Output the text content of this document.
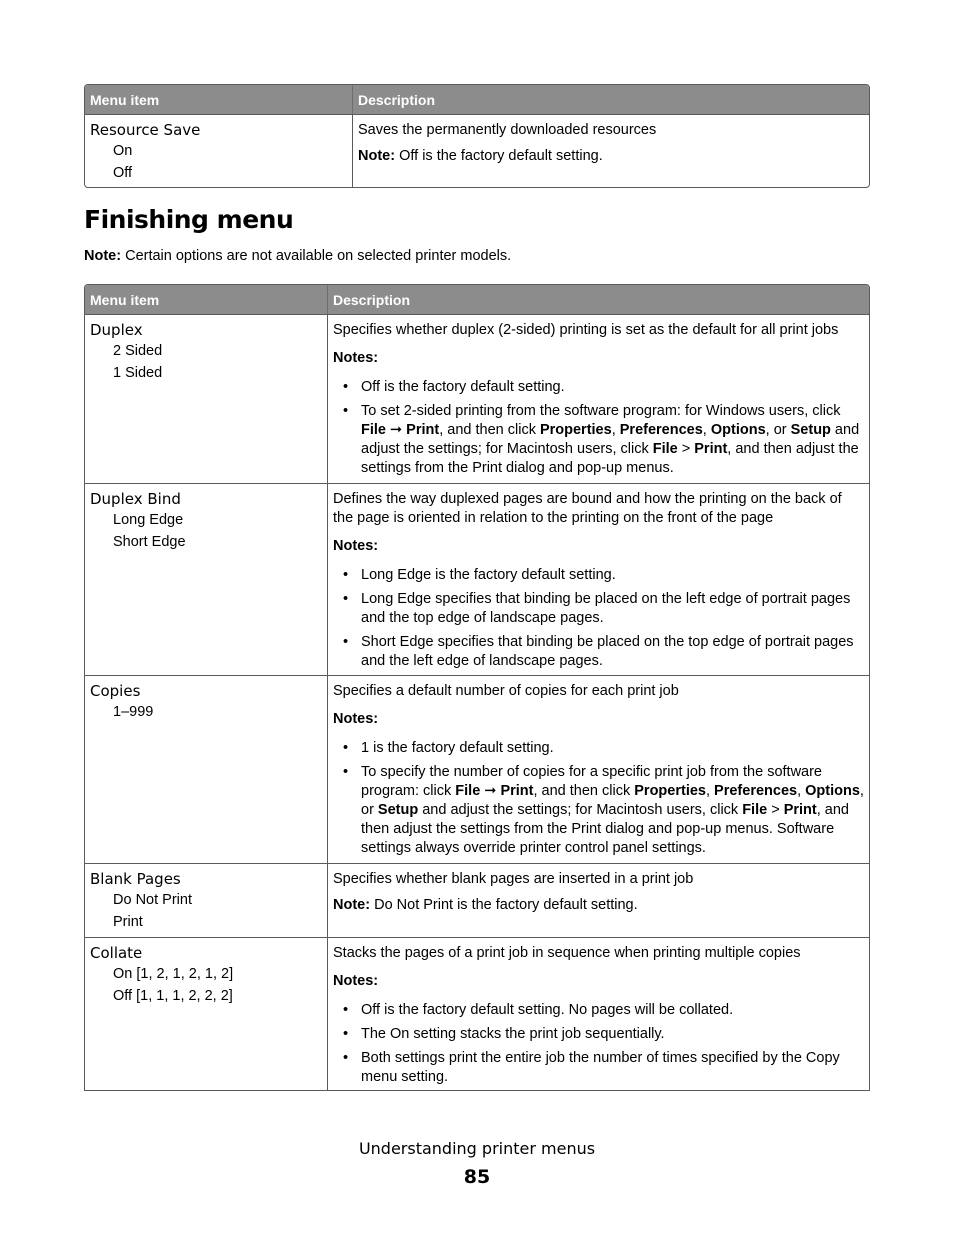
Menu item	Description
Resource Save
On
Off

Saves the permanently downloaded resources

Note: Off is the factory default setting.

Finishing menu

Note: Certain options are not available on selected printer models.

Menu item	Description
Duplex
2 Sided
1 Sided

Specifies whether duplex (2-sided) printing is set as the default for all print jobs

Notes:

• Off is the factory default setting.
• To set 2-sided printing from the software program: for Windows users, click File ➞ Print, and then click Properties, Preferences, Options, or Setup and adjust the settings; for Macintosh users, click File > Print, and then adjust the settings from the Print dialog and pop-up menus.
Duplex Bind
Long Edge
Short Edge

Defines the way duplexed pages are bound and how the printing on the back of the page is oriented in relation to the printing on the front of the page

Notes:

• Long Edge is the factory default setting.
• Long Edge specifies that binding be placed on the left edge of portrait pages and the top edge of landscape pages.
• Short Edge specifies that binding be placed on the top edge of portrait pages and the left edge of landscape pages.
Copies
1–999

Specifies a default number of copies for each print job

Notes:

• 1 is the factory default setting.
• To specify the number of copies for a specific print job from the software program: click File ➞ Print, and then click Properties, Preferences, Options, or Setup and adjust the settings; for Macintosh users, click File > Print, and then adjust the settings from the Print dialog and pop-up menus. Software settings always override printer control panel settings.
Blank Pages
Do Not Print
Print

Specifies whether blank pages are inserted in a print job

Note: Do Not Print is the factory default setting.

Collate
On [1, 2, 1, 2, 1, 2]
Off [1, 1, 1, 2, 2, 2]

Stacks the pages of a print job in sequence when printing multiple copies

Notes:

• Off is the factory default setting. No pages will be collated.
• The On setting stacks the print job sequentially.
• Both settings print the entire job the number of times specified by the Copy menu setting.
Understanding printer menus
85
